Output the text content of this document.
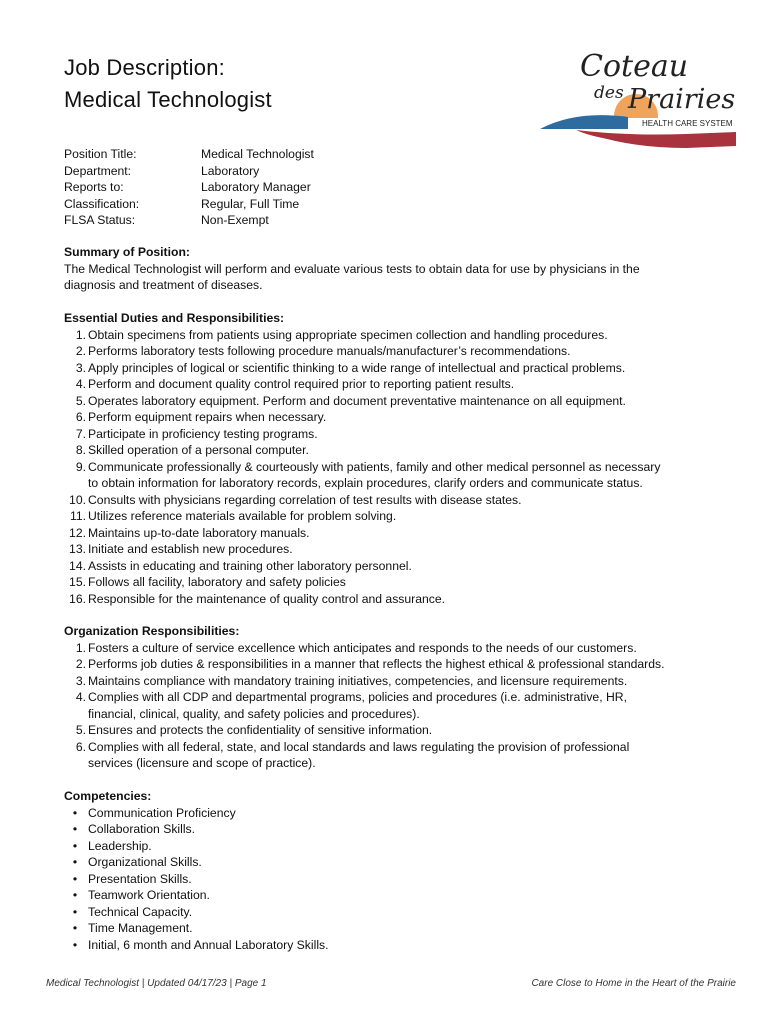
Job Description:
Medical Technologist
Coteau
des Prairies
HEALTH CARE SYSTEM
Position Title:	Medical Technologist
Department:	Laboratory
Reports to:	Laboratory Manager
Classification:	Regular, Full Time
FLSA Status:	Non-Exempt
Summary of Position:
The Medical Technologist will perform and evaluate various tests to obtain data for use by physicians in the
diagnosis and treatment of diseases.
Essential Duties and Responsibilities:
1. Obtain specimens from patients using appropriate specimen collection and handling procedures.
2. Performs laboratory tests following procedure manuals/manufacturer’s recommendations.
3. Apply principles of logical or scientific thinking to a wide range of intellectual and practical problems.
4. Perform and document quality control required prior to reporting patient results.
5. Operates laboratory equipment. Perform and document preventative maintenance on all equipment.
6. Perform equipment repairs when necessary.
7. Participate in proficiency testing programs.
8. Skilled operation of a personal computer.
9. Communicate professionally & courteously with patients, family and other medical personnel as necessary
to obtain information for laboratory records, explain procedures, clarify orders and communicate status.
10. Consults with physicians regarding correlation of test results with disease states.
11. Utilizes reference materials available for problem solving.
12. Maintains up-to-date laboratory manuals.
13. Initiate and establish new procedures.
14. Assists in educating and training other laboratory personnel.
15. Follows all facility, laboratory and safety policies
16. Responsible for the maintenance of quality control and assurance.
Organization Responsibilities:
1. Fosters a culture of service excellence which anticipates and responds to the needs of our customers.
2. Performs job duties & responsibilities in a manner that reflects the highest ethical & professional standards.
3. Maintains compliance with mandatory training initiatives, competencies, and licensure requirements.
4. Complies with all CDP and departmental programs, policies and procedures (i.e. administrative, HR,
financial, clinical, quality, and safety policies and procedures).
5. Ensures and protects the confidentiality of sensitive information.
6. Complies with all federal, state, and local standards and laws regulating the provision of professional
services (licensure and scope of practice).
Competencies:
• Communication Proficiency
• Collaboration Skills.
• Leadership.
• Organizational Skills.
• Presentation Skills.
• Teamwork Orientation.
• Technical Capacity.
• Time Management.
• Initial, 6 month and Annual Laboratory Skills.
Medical Technologist | Updated 04/17/23 | Page 1	Care Close to Home in the Heart of the Prairie
